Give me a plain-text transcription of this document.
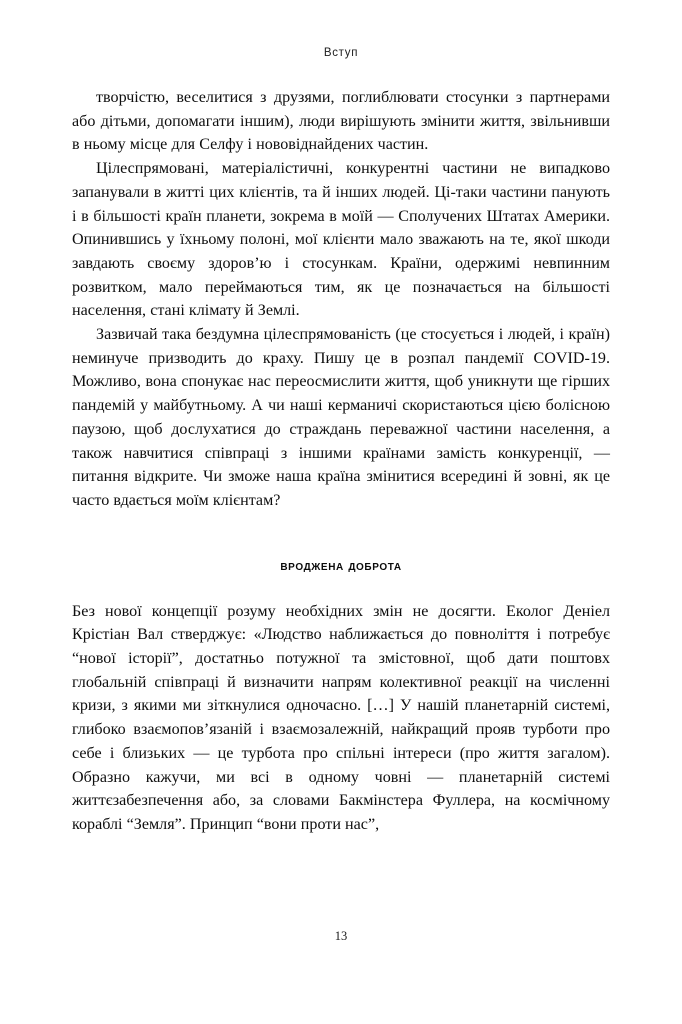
Вступ

творчістю, веселитися з друзями, поглиблювати стосунки з партнерами або дітьми, допомагати іншим), люди вирішують змінити життя, звільнивши в ньому місце для Селфу і нововіднайдених частин.

Цілеспрямовані, матеріалістичні, конкурентні частини не випадково запанували в житті цих клієнтів, та й інших людей. Ці-таки частини панують і в більшості країн планети, зокрема в моїй — Сполучених Штатах Америки. Опинившись у їхньому полоні, мої клієнти мало зважають на те, якої шкоди завдають своєму здоров’ю і стосункам. Країни, одержимі невпинним розвитком, мало переймаються тим, як це позначається на більшості населення, стані клімату й Землі.

Зазвичай така бездумна цілеспрямованість (це стосується і людей, і країн) неминуче призводить до краху. Пишу це в розпал пандемії COVID-19. Можливо, вона спонукає нас переосмислити життя, щоб уникнути ще гірших пандемій у майбутньому. А чи наші керманичі скористаються цією болісною паузою, щоб дослухатися до страждань переважної частини населення, а також навчитися співпраці з іншими країнами замість конкуренції, — питання відкрите. Чи зможе наша країна змінитися всередині й зовні, як це часто вдається моїм клієнтам?

вроджена доброта

Без нової концепції розуму необхідних змін не досягти. Еколог Деніел Крістіан Вал стверджує: «Людство наближається до повноліття і потребує “нової історії”, достатньо потужної та змістовної, щоб дати поштовх глобальній співпраці й визначити напрям колективної реакції на численні кризи, з якими ми зіткнулися одночасно. […] У нашій планетарній системі, глибоко взаємопов’язаній і взаємозалежній, найкращий прояв турботи про себе і близьких — це турбота про спільні інтереси (про життя загалом). Образно кажучи, ми всі в одному човні — планетарній системі життєзабезпечення або, за словами Бакмінстера Фуллера, на космічному кораблі “Земля”. Принцип “вони проти нас”,

13
